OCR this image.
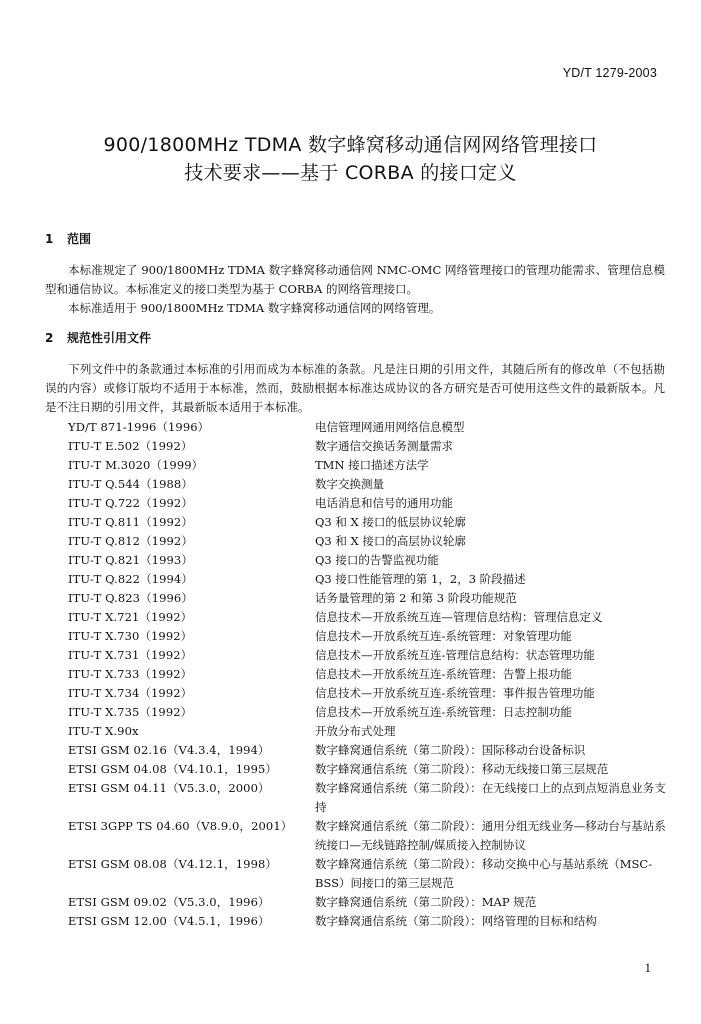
YD/T 1279-2003
900/1800MHz TDMA 数字蜂窝移动通信网网络管理接口
技术要求——基于 CORBA 的接口定义
1 范围
本标准规定了 900/1800MHz TDMA 数字蜂窝移动通信网 NMC-OMC 网络管理接口的管理功能需求、管理信息模型和通信协议。本标准定义的接口类型为基于 CORBA 的网络管理接口。
本标准适用于 900/1800MHz TDMA 数字蜂窝移动通信网的网络管理。
2 规范性引用文件
下列文件中的条款通过本标准的引用而成为本标准的条款。凡是注日期的引用文件，其随后所有的修改单（不包括勘误的内容）或修订版均不适用于本标准，然而，鼓励根据本标准达成协议的各方研究是否可使用这些文件的最新版本。凡是不注日期的引用文件，其最新版本适用于本标准。
YD/T 871-1996（1996）	电信管理网通用网络信息模型
ITU-T E.502（1992）	数字通信交换话务测量需求
ITU-T M.3020（1999）	TMN 接口描述方法学
ITU-T Q.544（1988）	数字交换测量
ITU-T Q.722（1992）	电话消息和信号的通用功能
ITU-T Q.811（1992）	Q3 和 X 接口的低层协议轮廓
ITU-T Q.812（1992）	Q3 和 X 接口的高层协议轮廓
ITU-T Q.821（1993）	Q3 接口的告警监视功能
ITU-T Q.822（1994）	Q3 接口性能管理的第 1，2，3 阶段描述
ITU-T Q.823（1996）	话务量管理的第 2 和第 3 阶段功能规范
ITU-T X.721（1992）	信息技术—开放系统互连—管理信息结构：管理信息定义
ITU-T X.730（1992）	信息技术—开放系统互连-系统管理：对象管理功能
ITU-T X.731（1992）	信息技术—开放系统互连-管理信息结构：状态管理功能
ITU-T X.733（1992）	信息技术—开放系统互连-系统管理：告警上报功能
ITU-T X.734（1992）	信息技术—开放系统互连-系统管理：事件报告管理功能
ITU-T X.735（1992）	信息技术—开放系统互连-系统管理：日志控制功能
ITU-T X.90x	开放分布式处理
ETSI GSM 02.16（V4.3.4，1994）	数字蜂窝通信系统（第二阶段）：国际移动台设备标识
ETSI GSM 04.08（V4.10.1，1995）	数字蜂窝通信系统（第二阶段）：移动无线接口第三层规范
ETSI GSM 04.11（V5.3.0，2000）	数字蜂窝通信系统（第二阶段）：在无线接口上的点到点短消息业务支持
ETSI 3GPP TS 04.60（V8.9.0，2001）	数字蜂窝通信系统（第二阶段）：通用分组无线业务—移动台与基站系统接口—无线链路控制/媒质接入控制协议
ETSI GSM 08.08（V4.12.1，1998）	数字蜂窝通信系统（第二阶段）：移动交换中心与基站系统（MSC-BSS）间接口的第三层规范
ETSI GSM 09.02（V5.3.0，1996）	数字蜂窝通信系统（第二阶段）：MAP 规范
ETSI GSM 12.00（V4.5.1，1996）	数字蜂窝通信系统（第二阶段）：网络管理的目标和结构
1
